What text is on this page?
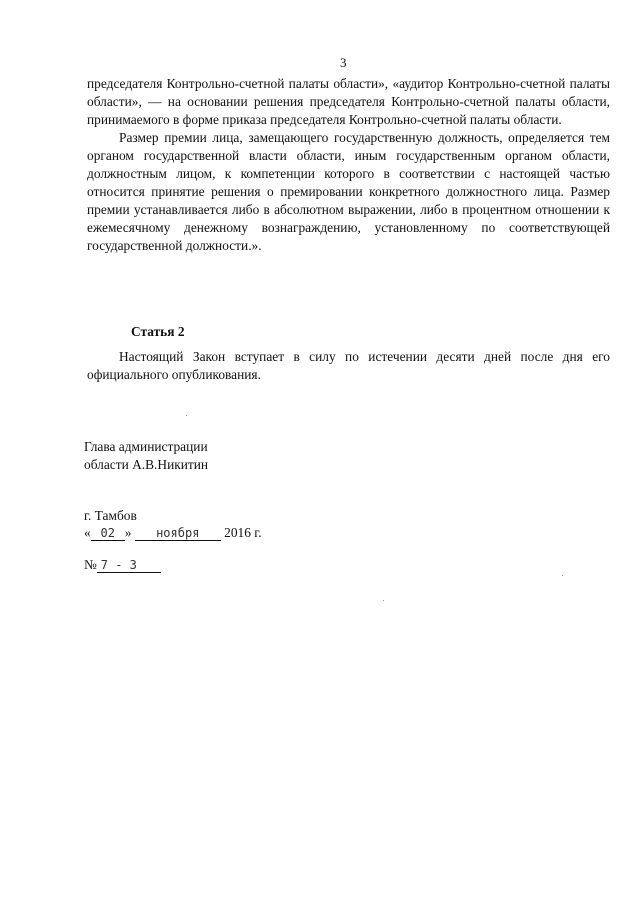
3

председателя Контрольно-счетной палаты области», «аудитор Контрольно-счетной палаты области», — на основании решения председателя Контрольно-счетной палаты области, принимаемого в форме приказа председателя Контрольно-счетной палаты области.

Размер премии лица, замещающего государственную должность, определяется тем органом государственной власти области, иным государственным органом области, должностным лицом, к компетенции которого в соответствии с настоящей частью относится принятие решения о премировании конкретного должностного лица. Размер премии устанавливается либо в абсолютном выражении, либо в процентном отношении к ежемесячному денежному вознаграждению, установленному по соответствующей государственной должности.».

Статья 2

Настоящий Закон вступает в силу по истечении десяти дней после дня его официального опубликования.

Глава администрации
области А.В.Никитин
г. Тамбов
« 02 » ноября 2016 г.
№ 7 - З
